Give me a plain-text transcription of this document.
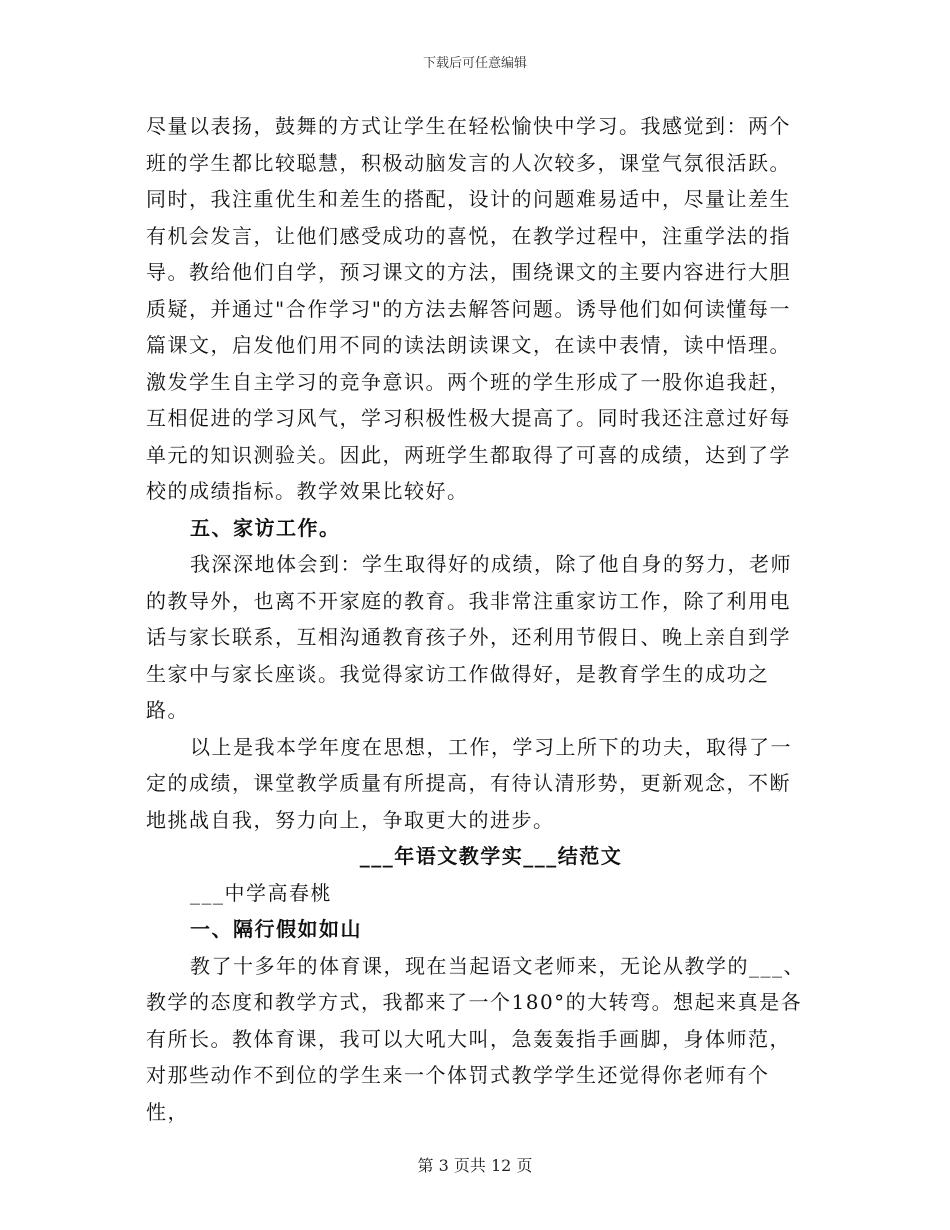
下载后可任意编辑

尽量以表扬，鼓舞的方式让学生在轻松愉快中学习。我感觉到：两个班的学生都比较聪慧，积极动脑发言的人次较多，课堂气氛很活跃。同时，我注重优生和差生的搭配，设计的问题难易适中，尽量让差生有机会发言，让他们感受成功的喜悦，在教学过程中，注重学法的指导。教给他们自学，预习课文的方法，围绕课文的主要内容进行大胆质疑，并通过"合作学习"的方法去解答问题。诱导他们如何读懂每一篇课文，启发他们用不同的读法朗读课文，在读中表情，读中悟理。激发学生自主学习的竞争意识。两个班的学生形成了一股你追我赶，互相促进的学习风气，学习积极性极大提高了。同时我还注意过好每单元的知识测验关。因此，两班学生都取得了可喜的成绩，达到了学校的成绩指标。教学效果比较好。

五、家访工作。

我深深地体会到：学生取得好的成绩，除了他自身的努力，老师的教导外，也离不开家庭的教育。我非常注重家访工作，除了利用电话与家长联系，互相沟通教育孩子外，还利用节假日、晚上亲自到学生家中与家长座谈。我觉得家访工作做得好，是教育学生的成功之路。

以上是我本学年度在思想，工作，学习上所下的功夫，取得了一定的成绩，课堂教学质量有所提高，有待认清形势，更新观念，不断地挑战自我，努力向上，争取更大的进步。

___年语文教学实___结范文

___中学高春桃

一、隔行假如如山

教了十多年的体育课，现在当起语文老师来，无论从教学的___、教学的态度和教学方式，我都来了一个180°的大转弯。想起来真是各有所长。教体育课，我可以大吼大叫，急轰轰指手画脚，身体师范，对那些动作不到位的学生来一个体罚式教学学生还觉得你老师有个性，

第 3 页共 12 页
